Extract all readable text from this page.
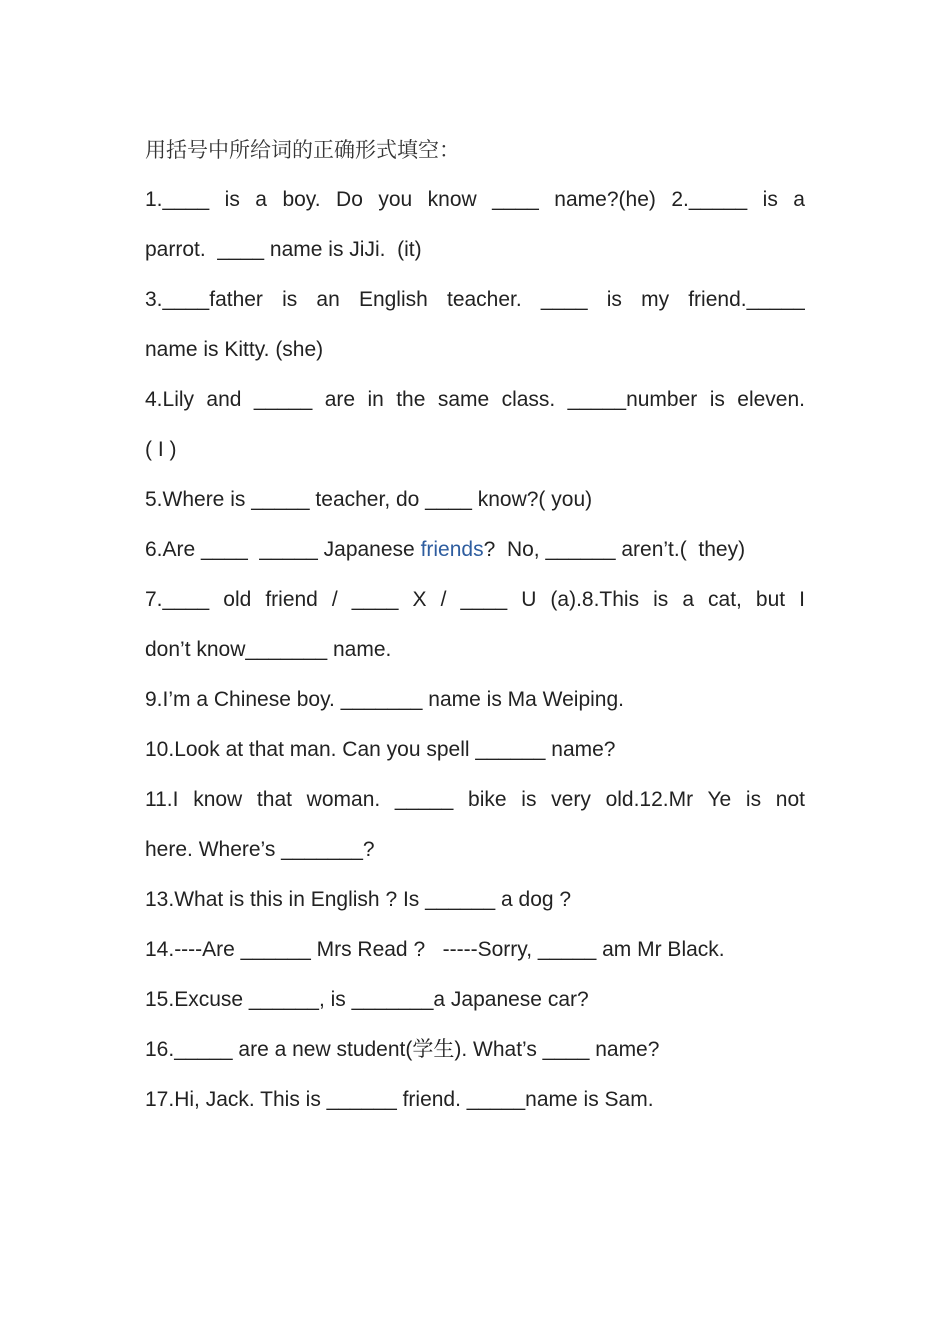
用括号中所给词的正确形式填空：

1.____ is a boy. Do you know ____ name?(he) 2._____ is a

parrot.  ____ name is JiJi.  (it)

3.____father is an English teacher. ____ is my friend._____

name is Kitty. (she)

4.Lily and _____ are in the same class. _____number is eleven.

( I )

5.Where is _____ teacher, do ____ know?( you)

6.Are ____  _____ Japanese friends?  No, ______ aren’t.(  they)

7.____ old friend / ____ X / ____ U (a).8.This is a cat, but I

don’t know_______ name.

9.I’m a Chinese boy. _______ name is Ma Weiping.

10.Look at that man. Can you spell ______ name?

11.I know that woman. _____ bike is very old.12.Mr Ye is not

here. Where’s _______?

13.What is this in English ? Is ______ a dog ?

14.----Are ______ Mrs Read ?   -----Sorry, _____ am Mr Black.

15.Excuse ______, is _______a Japanese car?

16._____ are a new student(学生). What’s ____ name?

17.Hi, Jack. This is ______ friend. _____name is Sam.
